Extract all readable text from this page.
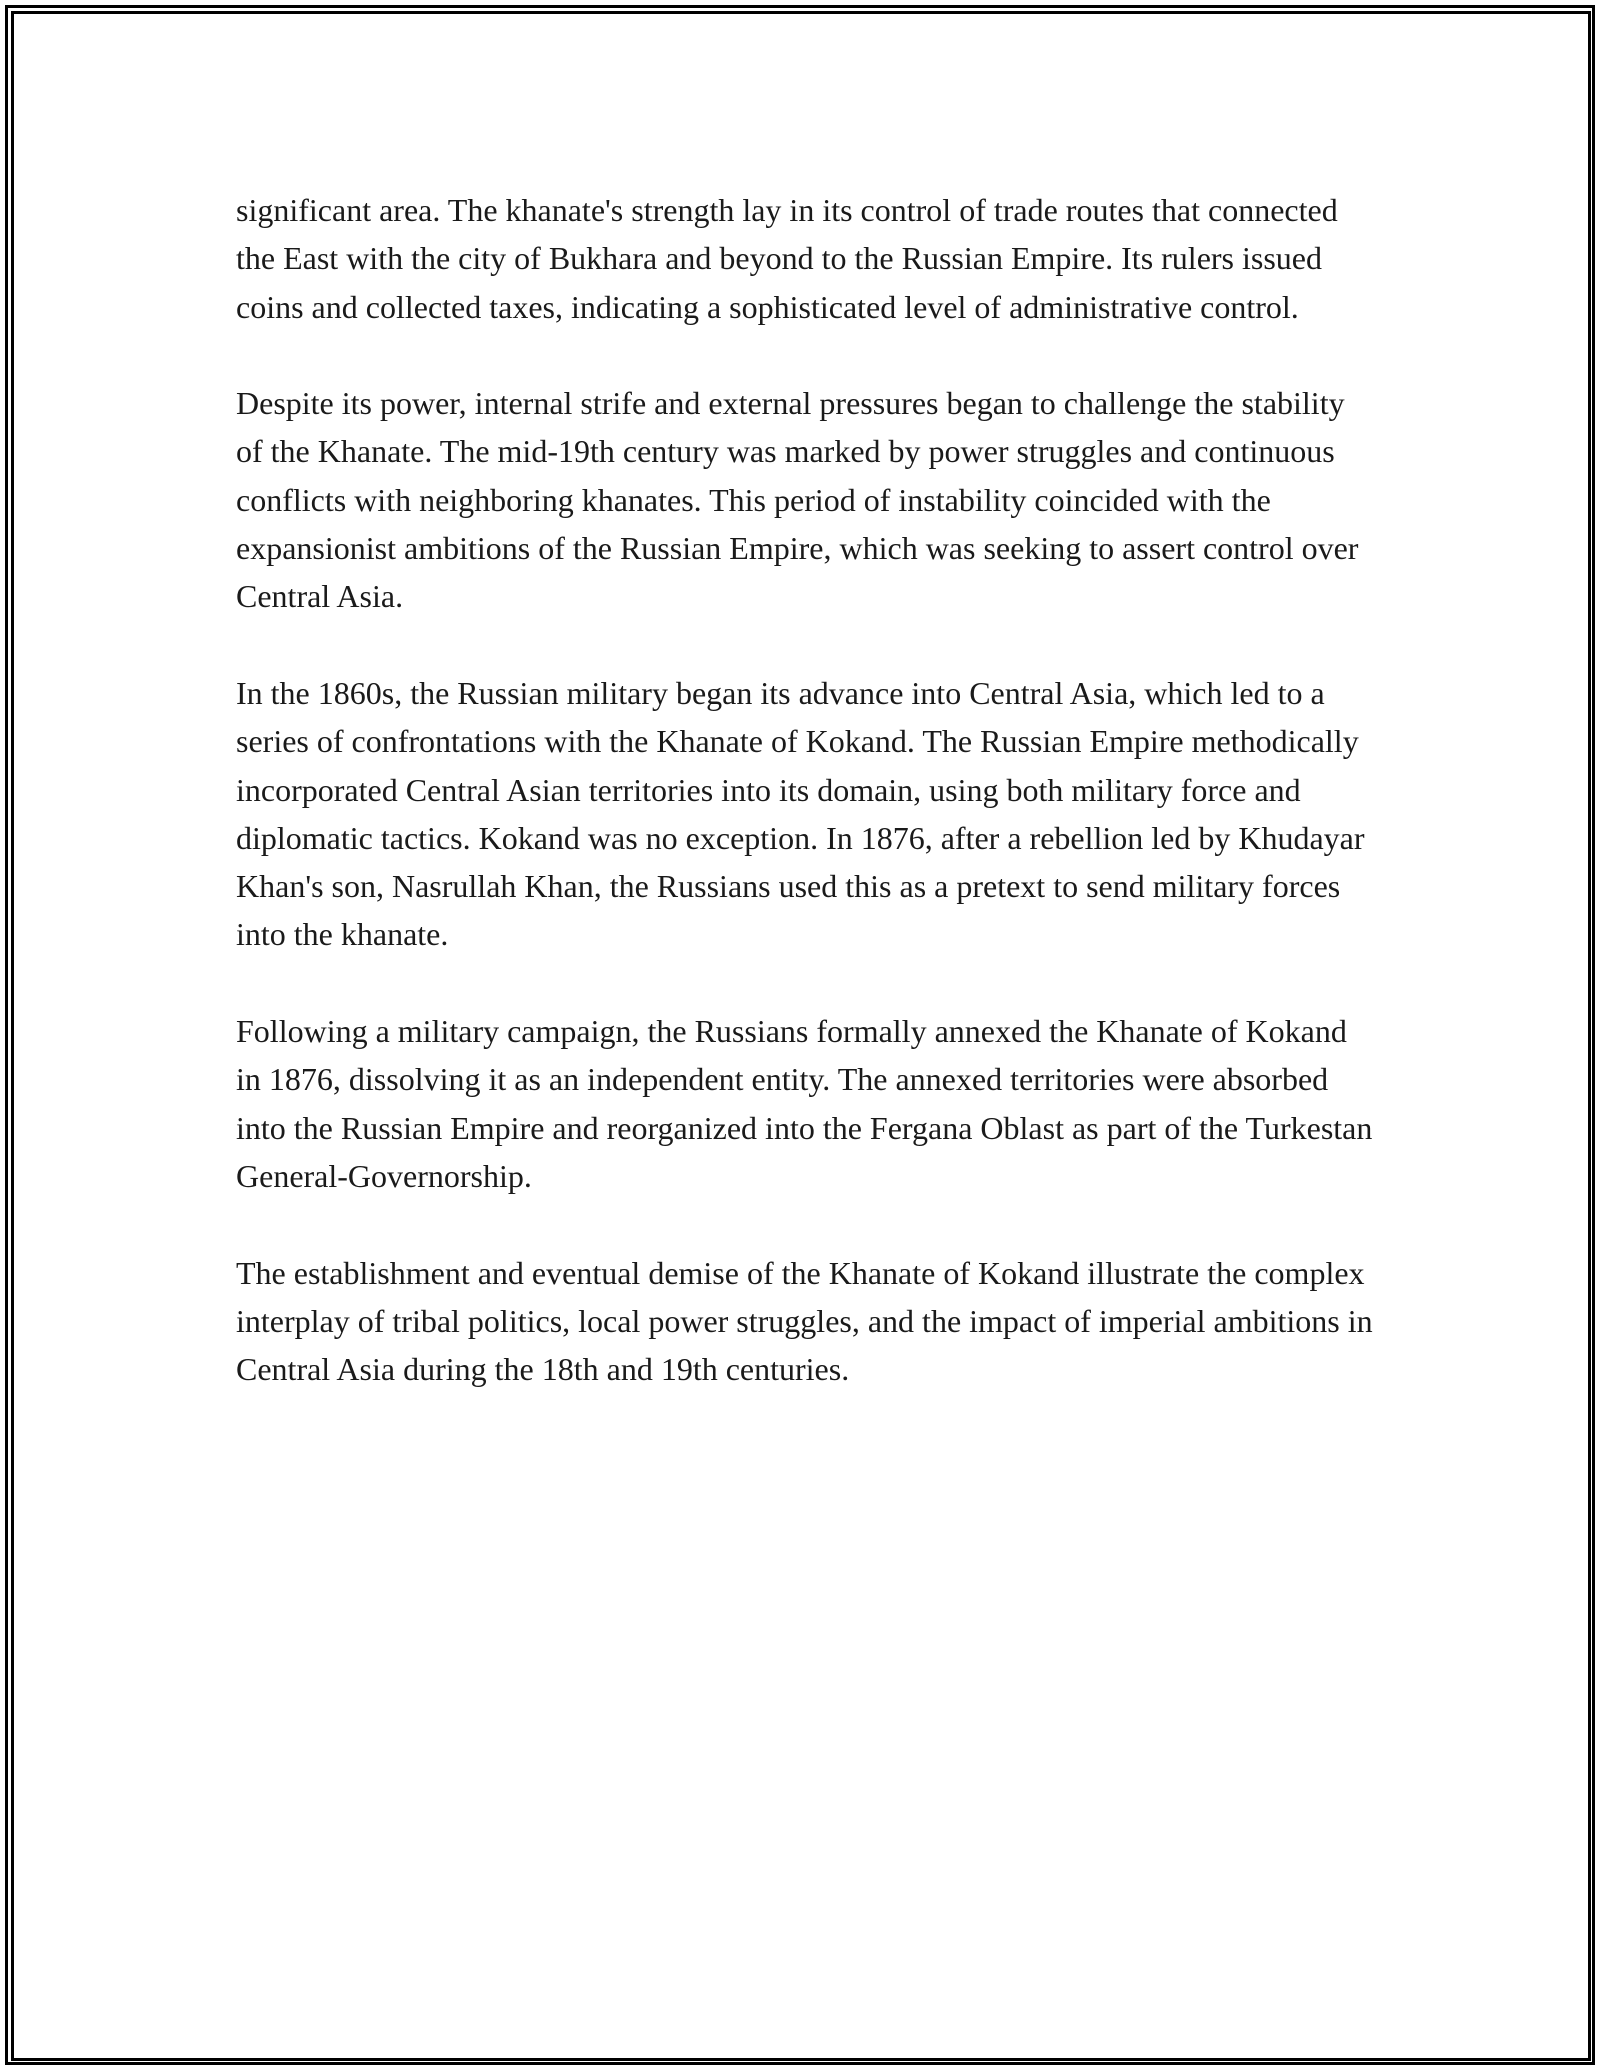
significant area. The khanate's strength lay in its control of trade routes that connected the East with the city of Bukhara and beyond to the Russian Empire. Its rulers issued coins and collected taxes, indicating a sophisticated level of administrative control.

Despite its power, internal strife and external pressures began to challenge the stability of the Khanate. The mid-19th century was marked by power struggles and continuous conflicts with neighboring khanates. This period of instability coincided with the expansionist ambitions of the Russian Empire, which was seeking to assert control over Central Asia.

In the 1860s, the Russian military began its advance into Central Asia, which led to a series of confrontations with the Khanate of Kokand. The Russian Empire methodically incorporated Central Asian territories into its domain, using both military force and diplomatic tactics. Kokand was no exception. In 1876, after a rebellion led by Khudayar Khan's son, Nasrullah Khan, the Russians used this as a pretext to send military forces into the khanate.

Following a military campaign, the Russians formally annexed the Khanate of Kokand in 1876, dissolving it as an independent entity. The annexed territories were absorbed into the Russian Empire and reorganized into the Fergana Oblast as part of the Turkestan General-Governorship.

The establishment and eventual demise of the Khanate of Kokand illustrate the complex interplay of tribal politics, local power struggles, and the impact of imperial ambitions in Central Asia during the 18th and 19th centuries.
